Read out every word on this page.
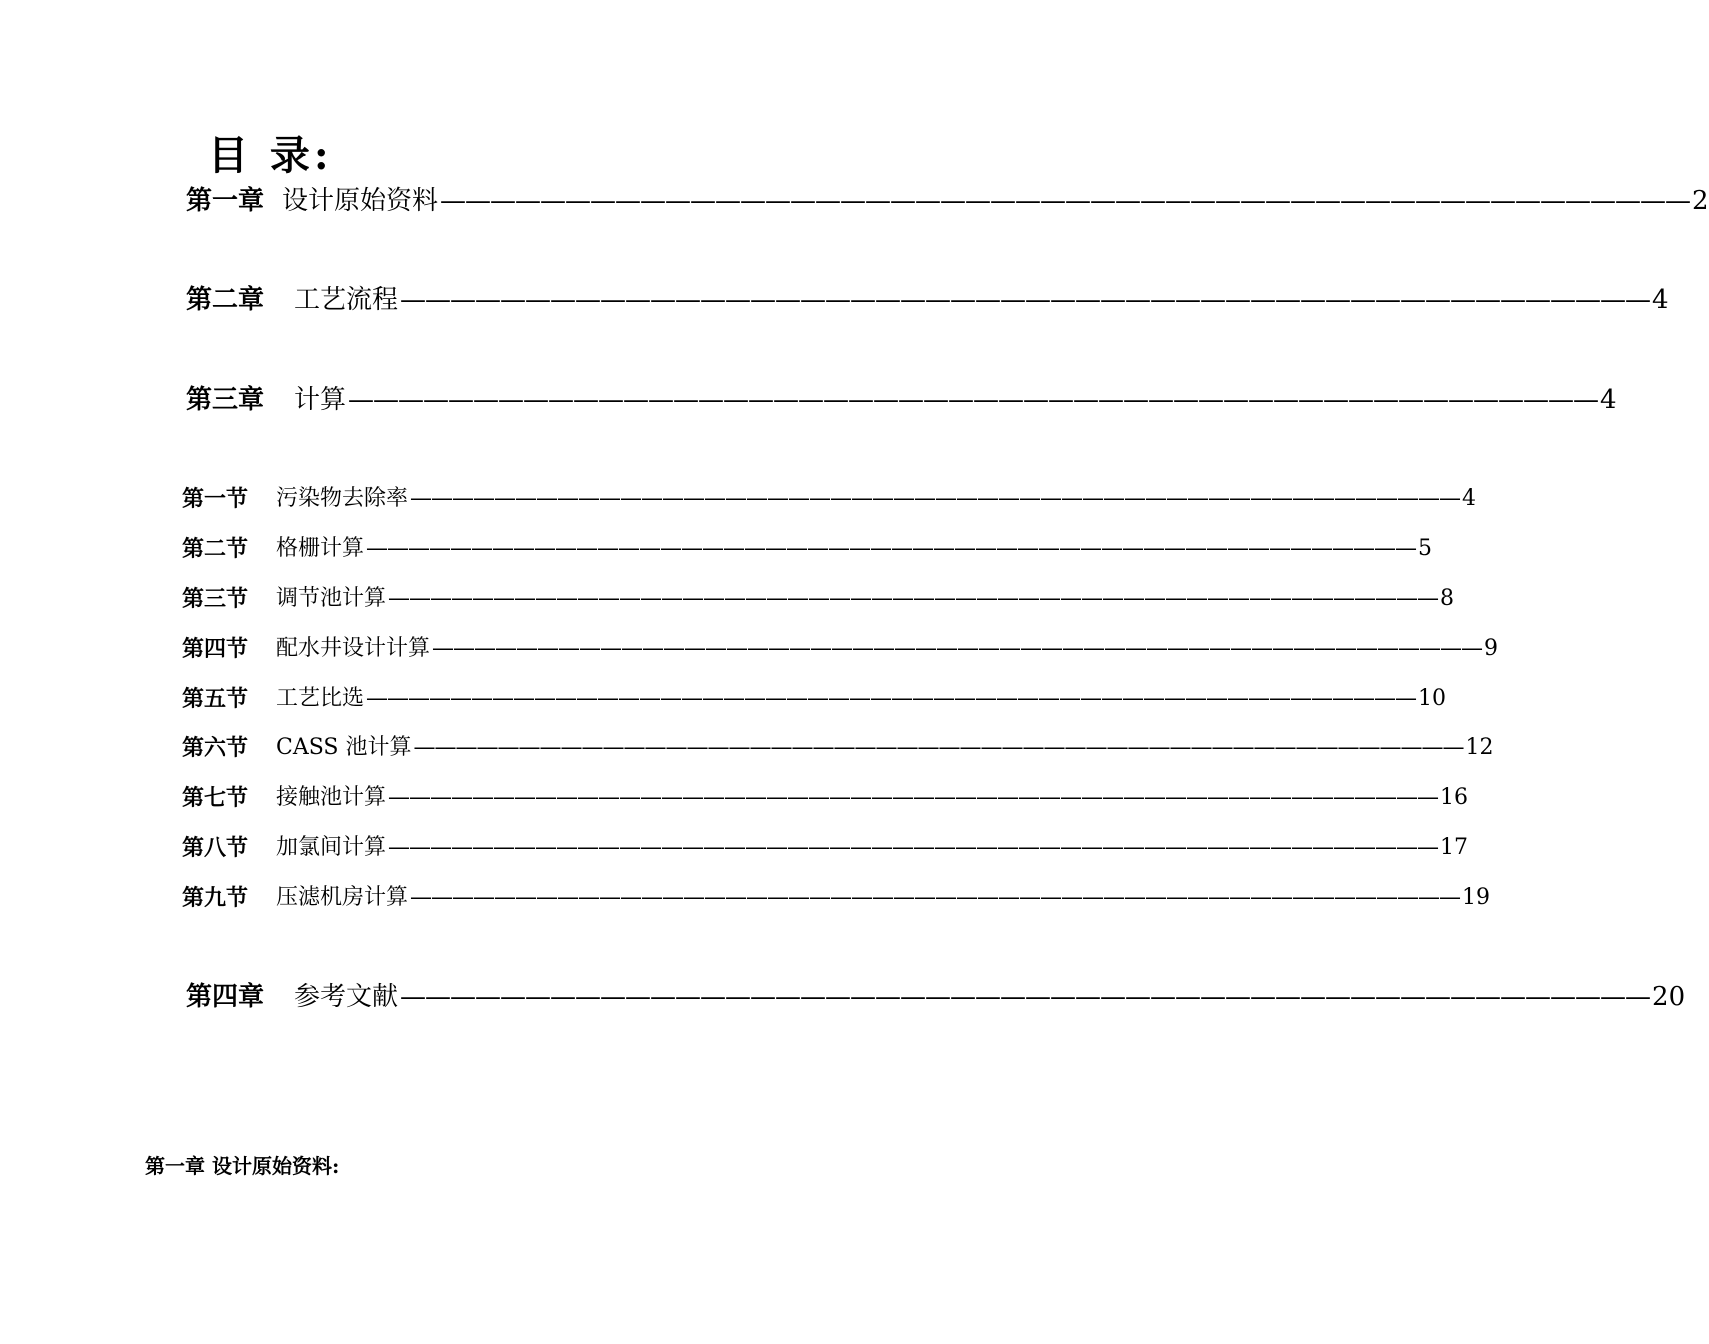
目 录:
第一章 设计原始资料 —————————————————————————————————————————————————— 2
第二章 工艺流程 —————————————————————————————————————————————————— 4
第三章 计算 —————————————————————————————————————————————————— 4
第一节 污染物去除率 —————————————————————————————————————————————————— 4
第二节 格栅计算 —————————————————————————————————————————————————— 5
第三节 调节池计算 —————————————————————————————————————————————————— 8
第四节 配水井设计计算 —————————————————————————————————————————————————— 9
第五节 工艺比选 —————————————————————————————————————————————————— 10
第六节 CASS 池计算 —————————————————————————————————————————————————— 12
第七节 接触池计算 —————————————————————————————————————————————————— 16
第八节 加氯间计算 —————————————————————————————————————————————————— 17
第九节 压滤机房计算 —————————————————————————————————————————————————— 19
第四章 参考文献 —————————————————————————————————————————————————— 20
第一章 设计原始资料:
